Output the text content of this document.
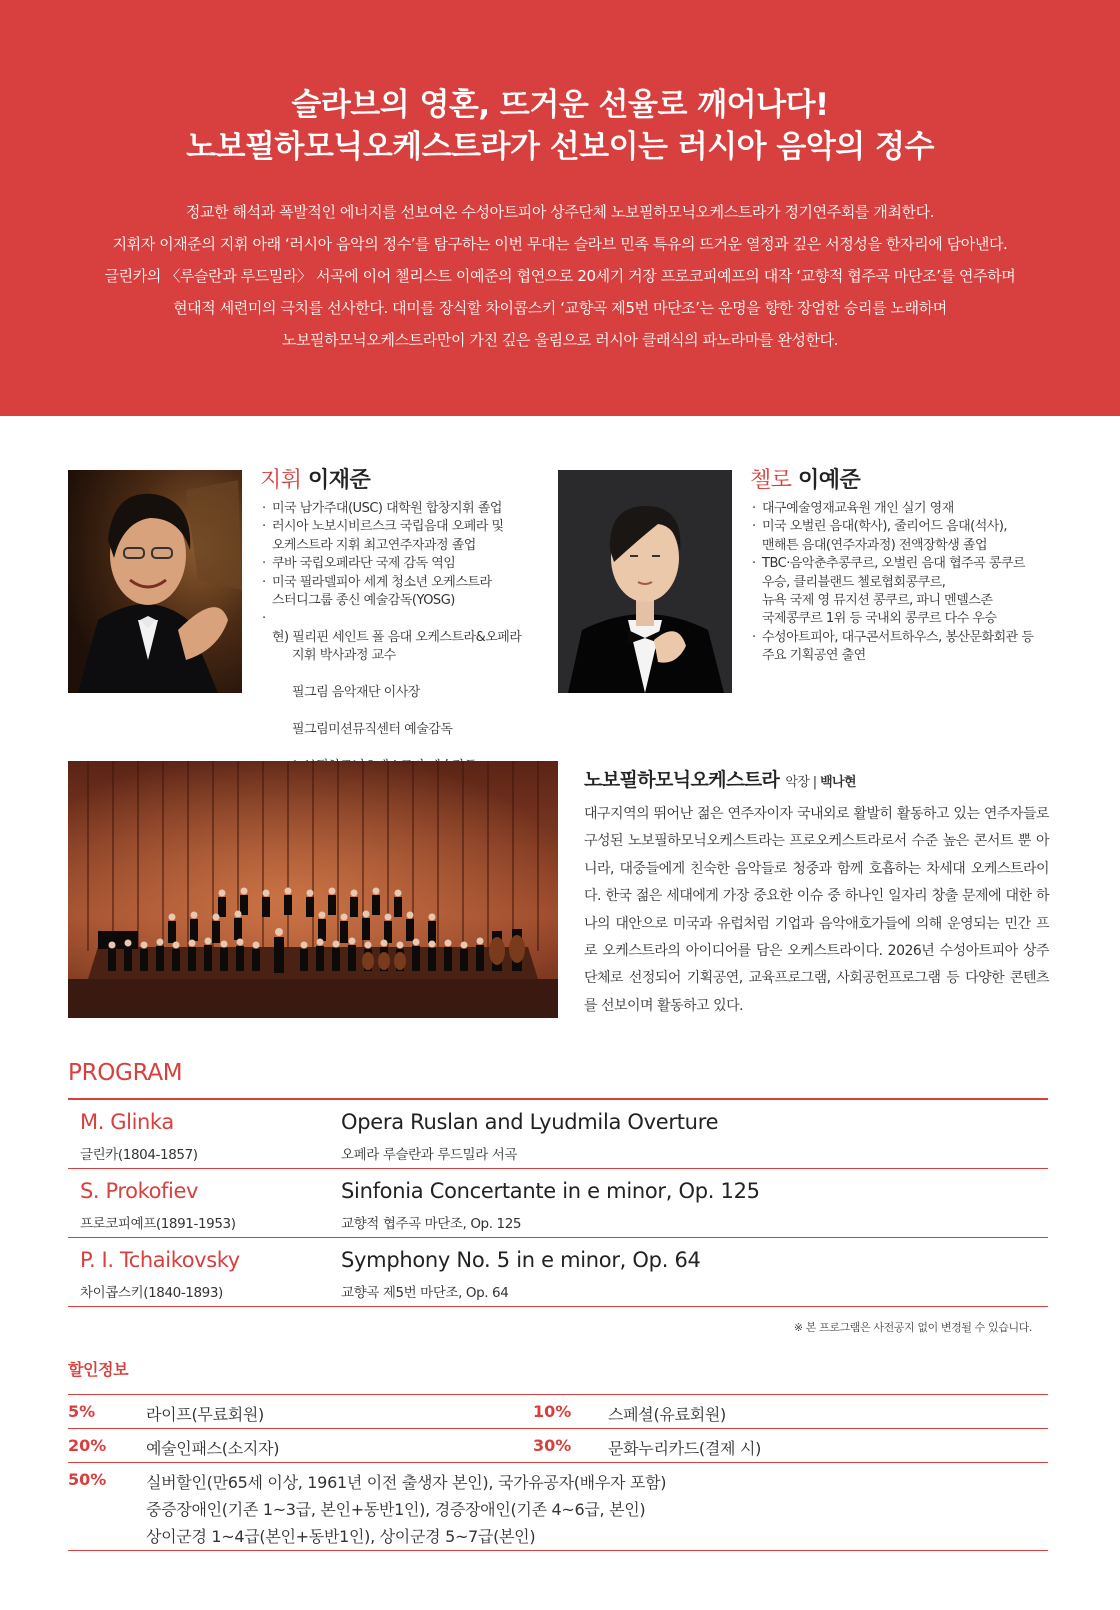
슬라브의 영혼, 뜨거운 선율로 깨어나다!
노보필하모닉오케스트라가 선보이는 러시아 음악의 정수
정교한 해석과 폭발적인 에너지를 선보여온 수성아트피아 상주단체 노보필하모닉오케스트라가 정기연주회를 개최한다.
지휘자 이재준의 지휘 아래 ‘러시아 음악의 정수’를 탐구하는 이번 무대는 슬라브 민족 특유의 뜨거운 열정과 깊은 서정성을 한자리에 담아낸다.
글린카의 〈루슬란과 루드밀라〉 서곡에 이어 첼리스트 이예준의 협연으로 20세기 거장 프로코피예프의 대작 ‘교향적 협주곡 마단조’를 연주하며
현대적 세련미의 극치를 선사한다. 대미를 장식할 차이콥스키 ‘교향곡 제5번 마단조’는 운명을 향한 장엄한 승리를 노래하며
노보필하모닉오케스트라만이 가진 깊은 울림으로 러시아 클래식의 파노라마를 완성한다.
지휘 이재준
· 미국 남가주대(USC) 대학원 합창지휘 졸업
· 러시아 노보시비르스크 국립음대 오페라 및
오케스트라 지휘 최고연주자과정 졸업
· 쿠바 국립오페라단 국제 감독 역임
· 미국 필라델피아 세계 청소년 오케스트라
스터디그룹 종신 예술감독(YOSG)

· 현) 필리핀 세인트 폴 음대 오케스트라&오페라

지휘 박사과정 교수

필그림 음악재단 이사장

필그림미션뮤직센터 예술감독

첼로 이예준
· 대구예술영재교육원 개인 실기 영재
· 미국 오벌린 음대(학사), 줄리어드 음대(석사),
맨해튼 음대(연주자과정) 전액장학생 졸업
· TBC·음악춘추콩쿠르, 오벌린 음대 협주곡 콩쿠르
우승, 클리블랜드 첼로협회콩쿠르,
뉴욕 국제 영 뮤지션 콩쿠르, 파니 멘델스존
국제콩쿠르 1위 등 국내외 콩쿠르 다수 우승
· 수성아트피아, 대구콘서트하우스, 봉산문화회관 등
주요 기획공연 출연
노보필하모닉오케스트라 악장 | 백나현

대구지역의 뛰어난 젊은 연주자이자 국내외로 활발히 활동하고 있는 연주자들로 구성된 노보필하모닉오케스트라는 프로오케스트라로서 수준 높은 콘서트 뿐 아니라, 대중들에게 친숙한 음악들로 청중과 함께 호흡하는 차세대 오케스트라이다. 한국 젊은 세대에게 가장 중요한 이슈 중 하나인 일자리 창출 문제에 대한 하나의 대안으로 미국과 유럽처럼 기업과 음악애호가들에 의해 운영되는 민간 프로 오케스트라의 아이디어를 담은 오케스트라이다. 2026년 수성아트피아 상주단체로 선정되어 기획공연, 교육프로그램, 사회공헌프로그램 등 다양한 콘텐츠를 선보이며 활동하고 있다.

PROGRAM
M. Glinka
글린카(1804-1857)
Opera Ruslan and Lyudmila Overture
오페라 루슬란과 루드밀라 서곡
S. Prokofiev
프로코피예프(1891-1953)
Sinfonia Concertante in e minor, Op. 125
교향적 협주곡 마단조, Op. 125
P. I. Tchaikovsky
차이콥스키(1840-1893)
Symphony No. 5 in e minor, Op. 64
교향곡 제5번 마단조, Op. 64
※ 본 프로그램은 사전공지 없이 변경될 수 있습니다.
할인정보
5%	라이프(무료회원)	10% 스페셜(유료회원)
20% 예술인패스(소지자)	30% 문화누리카드(결제 시)
50% 실버할인(만65세 이상, 1961년 이전 출생자 본인), 국가유공자(배우자 포함)
중증장애인(기존 1~3급, 본인+동반1인), 경증장애인(기존 4~6급, 본인)
상이군경 1~4급(본인+동반1인), 상이군경 5~7급(본인)
